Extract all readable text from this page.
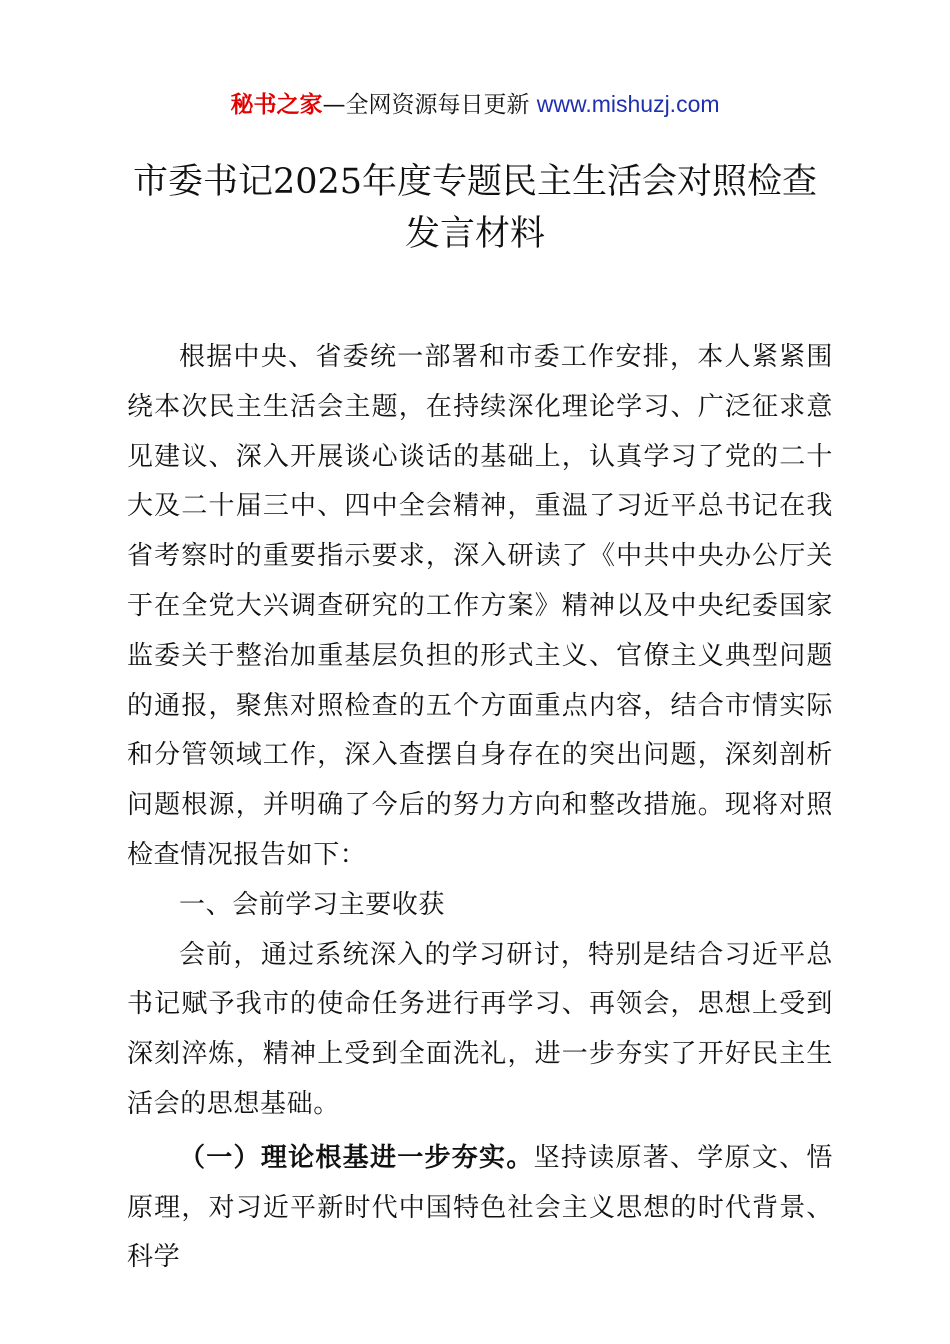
秘书之家—全网资源每日更新 www.mishuzj.com
市委书记2025年度专题民主生活会对照检查
发言材料

根据中央、省委统一部署和市委工作安排，本人紧紧围绕本次民主生活会主题，在持续深化理论学习、广泛征求意见建议、深入开展谈心谈话的基础上，认真学习了党的二十大及二十届三中、四中全会精神，重温了习近平总书记在我省考察时的重要指示要求，深入研读了《中共中央办公厅关于在全党大兴调查研究的工作方案》精神以及中央纪委国家监委关于整治加重基层负担的形式主义、官僚主义典型问题的通报，聚焦对照检查的五个方面重点内容，结合市情实际和分管领域工作，深入查摆自身存在的突出问题，深刻剖析问题根源，并明确了今后的努力方向和整改措施。现将对照检查情况报告如下：

一、会前学习主要收获

会前，通过系统深入的学习研讨，特别是结合习近平总书记赋予我市的使命任务进行再学习、再领会，思想上受到深刻淬炼，精神上受到全面洗礼，进一步夯实了开好民主生活会的思想基础。

（一）理论根基进一步夯实。坚持读原著、学原文、悟原理，对习近平新时代中国特色社会主义思想的时代背景、科学
